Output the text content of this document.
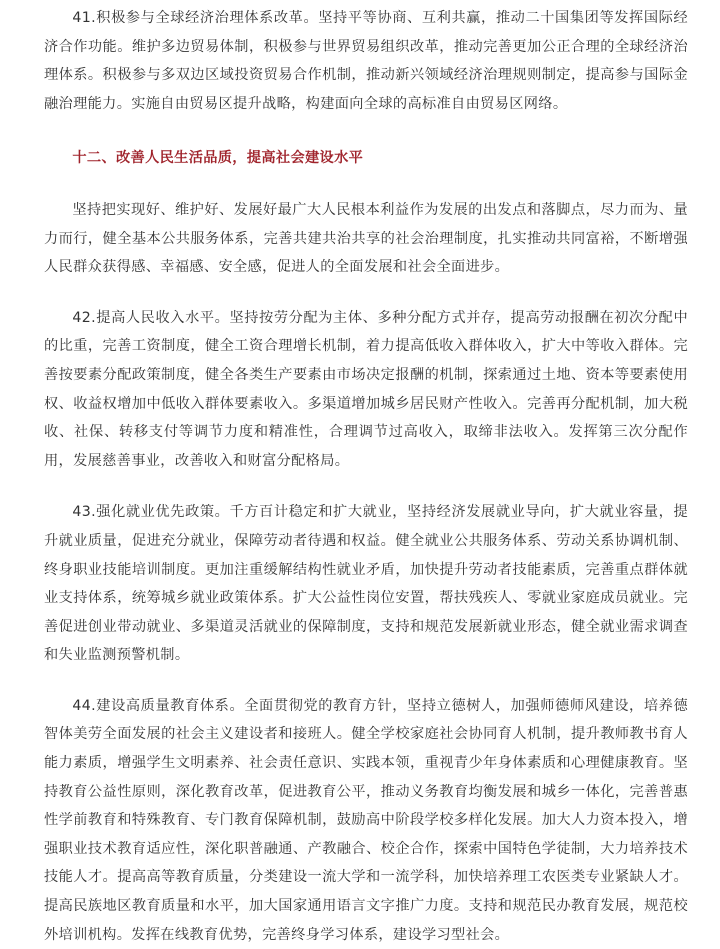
41.积极参与全球经济治理体系改革。坚持平等协商、互利共赢，推动二十国集团等发挥国际经济合作功能。维护多边贸易体制，积极参与世界贸易组织改革，推动完善更加公正合理的全球经济治理体系。积极参与多双边区域投资贸易合作机制，推动新兴领域经济治理规则制定，提高参与国际金融治理能力。实施自由贸易区提升战略，构建面向全球的高标准自由贸易区网络。

十二、改善人民生活品质，提高社会建设水平

坚持把实现好、维护好、发展好最广大人民根本利益作为发展的出发点和落脚点，尽力而为、量力而行，健全基本公共服务体系，完善共建共治共享的社会治理制度，扎实推动共同富裕，不断增强人民群众获得感、幸福感、安全感，促进人的全面发展和社会全面进步。

42.提高人民收入水平。坚持按劳分配为主体、多种分配方式并存，提高劳动报酬在初次分配中的比重，完善工资制度，健全工资合理增长机制，着力提高低收入群体收入，扩大中等收入群体。完善按要素分配政策制度，健全各类生产要素由市场决定报酬的机制，探索通过土地、资本等要素使用权、收益权增加中低收入群体要素收入。多渠道增加城乡居民财产性收入。完善再分配机制，加大税收、社保、转移支付等调节力度和精准性，合理调节过高收入，取缔非法收入。发挥第三次分配作用，发展慈善事业，改善收入和财富分配格局。

43.强化就业优先政策。千方百计稳定和扩大就业，坚持经济发展就业导向，扩大就业容量，提升就业质量，促进充分就业，保障劳动者待遇和权益。健全就业公共服务体系、劳动关系协调机制、终身职业技能培训制度。更加注重缓解结构性就业矛盾，加快提升劳动者技能素质，完善重点群体就业支持体系，统筹城乡就业政策体系。扩大公益性岗位安置，帮扶残疾人、零就业家庭成员就业。完善促进创业带动就业、多渠道灵活就业的保障制度，支持和规范发展新就业形态，健全就业需求调查和失业监测预警机制。

44.建设高质量教育体系。全面贯彻党的教育方针，坚持立德树人，加强师德师风建设，培养德智体美劳全面发展的社会主义建设者和接班人。健全学校家庭社会协同育人机制，提升教师教书育人能力素质，增强学生文明素养、社会责任意识、实践本领，重视青少年身体素质和心理健康教育。坚持教育公益性原则，深化教育改革，促进教育公平，推动义务教育均衡发展和城乡一体化，完善普惠性学前教育和特殊教育、专门教育保障机制，鼓励高中阶段学校多样化发展。加大人力资本投入，增强职业技术教育适应性，深化职普融通、产教融合、校企合作，探索中国特色学徒制，大力培养技术技能人才。提高高等教育质量，分类建设一流大学和一流学科，加快培养理工农医类专业紧缺人才。提高民族地区教育质量和水平，加大国家通用语言文字推广力度。支持和规范民办教育发展，规范校外培训机构。发挥在线教育优势，完善终身学习体系，建设学习型社会。
